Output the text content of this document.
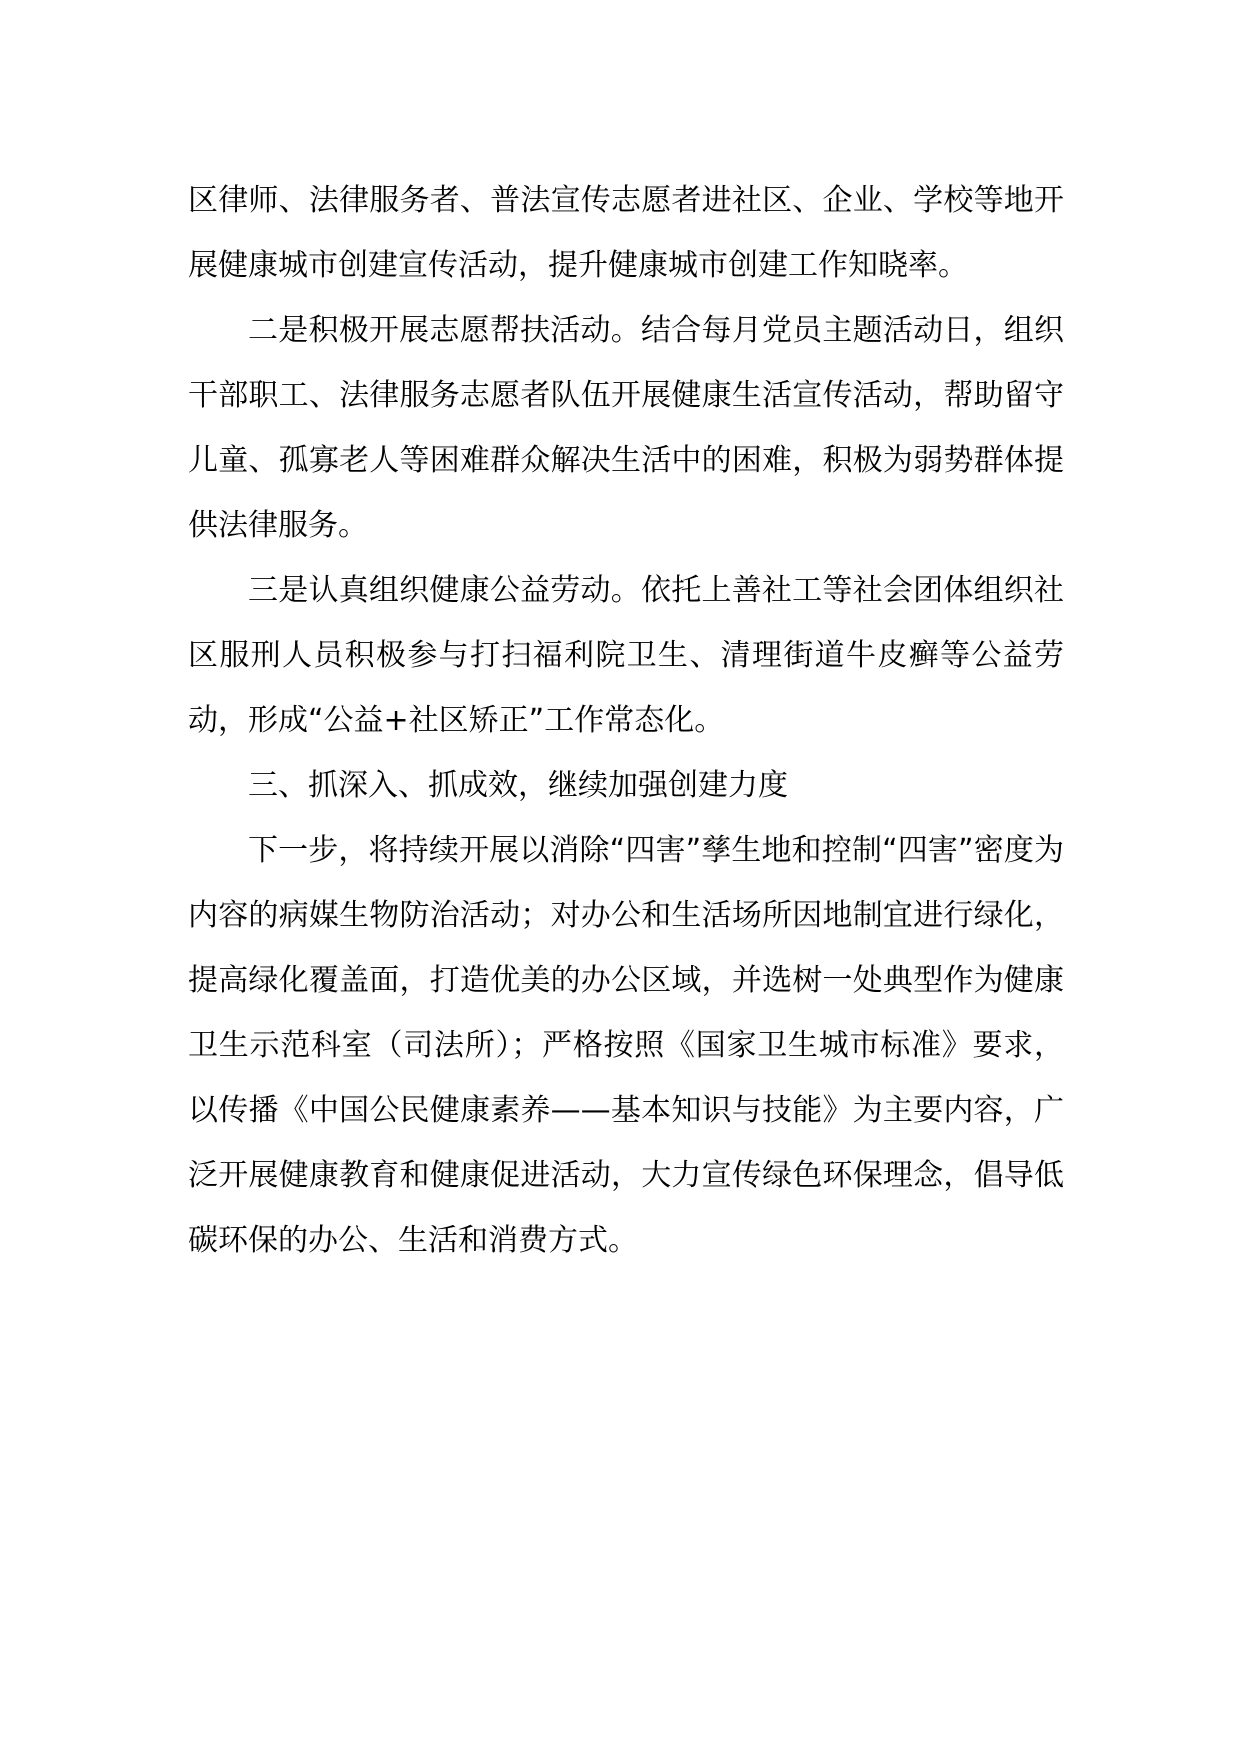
区律师、法律服务者、普法宣传志愿者进社区、企业、学校等地开展健康城市创建宣传活动，提升健康城市创建工作知晓率。

二是积极开展志愿帮扶活动。结合每月党员主题活动日，组织干部职工、法律服务志愿者队伍开展健康生活宣传活动，帮助留守儿童、孤寡老人等困难群众解决生活中的困难，积极为弱势群体提供法律服务。

三是认真组织健康公益劳动。依托上善社工等社会团体组织社区服刑人员积极参与打扫福利院卫生、清理街道牛皮癣等公益劳动，形成“公益+社区矫正”工作常态化。

三、抓深入、抓成效，继续加强创建力度

下一步，将持续开展以消除“四害”孳生地和控制“四害”密度为内容的病媒生物防治活动；对办公和生活场所因地制宜进行绿化，提高绿化覆盖面，打造优美的办公区域，并选树一处典型作为健康卫生示范科室（司法所）；严格按照《国家卫生城市标准》要求，以传播《中国公民健康素养——基本知识与技能》为主要内容，广泛开展健康教育和健康促进活动，大力宣传绿色环保理念，倡导低碳环保的办公、生活和消费方式。
